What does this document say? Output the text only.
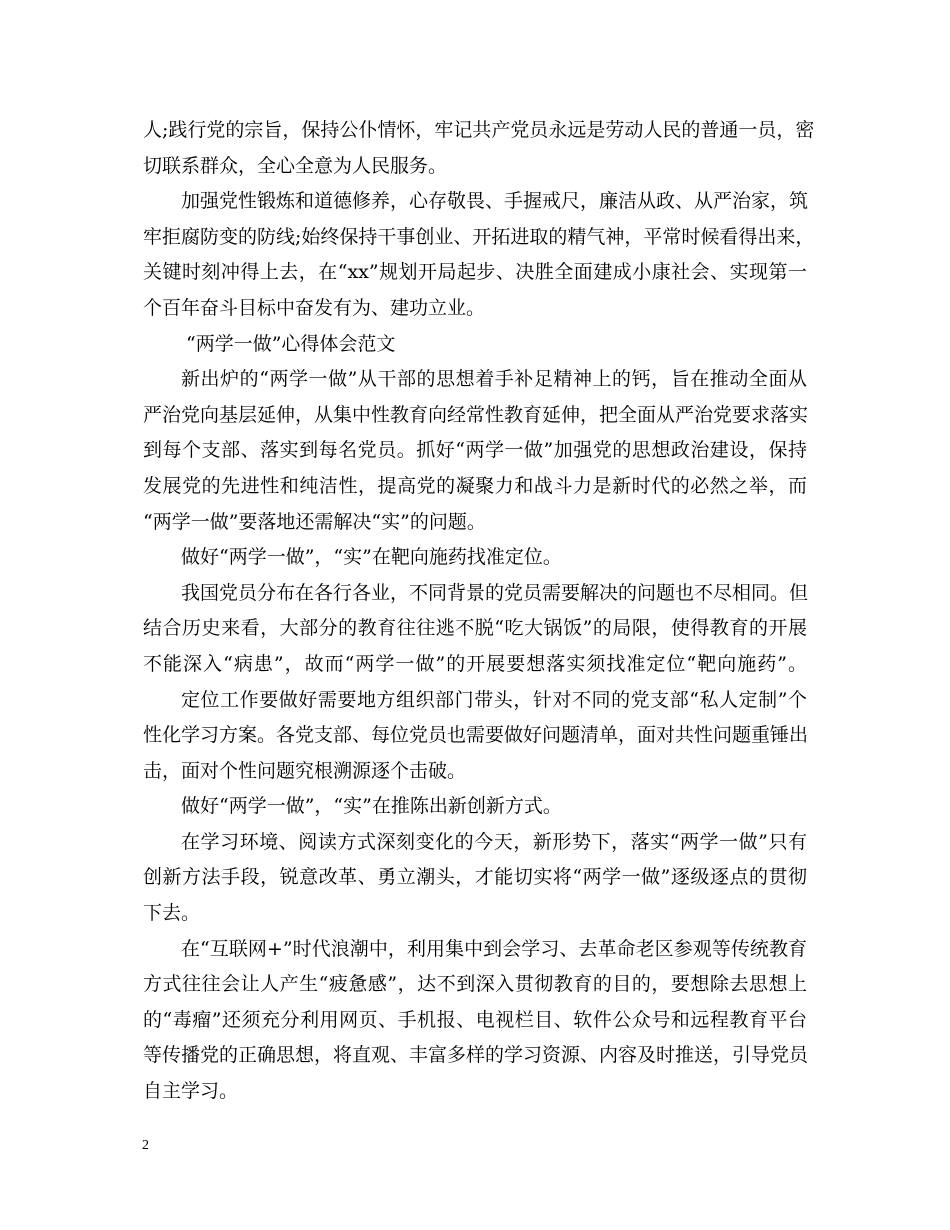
人;践行党的宗旨，保持公仆情怀，牢记共产党员永远是劳动人民的普通一员，密
切联系群众，全心全意为人民服务。
加强党性锻炼和道德修养，心存敬畏、手握戒尺，廉洁从政、从严治家，筑
牢拒腐防变的防线;始终保持干事创业、开拓进取的精气神，平常时候看得出来，
关键时刻冲得上去，在“xx”规划开局起步、决胜全面建成小康社会、实现第一
个百年奋斗目标中奋发有为、建功立业。
“两学一做”心得体会范文
新出炉的“两学一做”从干部的思想着手补足精神上的钙，旨在推动全面从
严治党向基层延伸，从集中性教育向经常性教育延伸，把全面从严治党要求落实
到每个支部、落实到每名党员。抓好“两学一做”加强党的思想政治建设，保持
发展党的先进性和纯洁性，提高党的凝聚力和战斗力是新时代的必然之举，而
“两学一做”要落地还需解决“实”的问题。
做好“两学一做”，“实”在靶向施药找准定位。
我国党员分布在各行各业，不同背景的党员需要解决的问题也不尽相同。但
结合历史来看，大部分的教育往往逃不脱“吃大锅饭”的局限，使得教育的开展
不能深入“病患”，故而“两学一做”的开展要想落实须找准定位“靶向施药”。
定位工作要做好需要地方组织部门带头，针对不同的党支部“私人定制”个
性化学习方案。各党支部、每位党员也需要做好问题清单，面对共性问题重锤出
击，面对个性问题究根溯源逐个击破。
做好“两学一做”，“实”在推陈出新创新方式。
在学习环境、阅读方式深刻变化的今天，新形势下，落实“两学一做”只有
创新方法手段，锐意改革、勇立潮头，才能切实将“两学一做”逐级逐点的贯彻
下去。
在“互联网+”时代浪潮中，利用集中到会学习、去革命老区参观等传统教育
方式往往会让人产生“疲惫感”，达不到深入贯彻教育的目的，要想除去思想上
的“毒瘤”还须充分利用网页、手机报、电视栏目、软件公众号和远程教育平台
等传播党的正确思想，将直观、丰富多样的学习资源、内容及时推送，引导党员
自主学习。
2
